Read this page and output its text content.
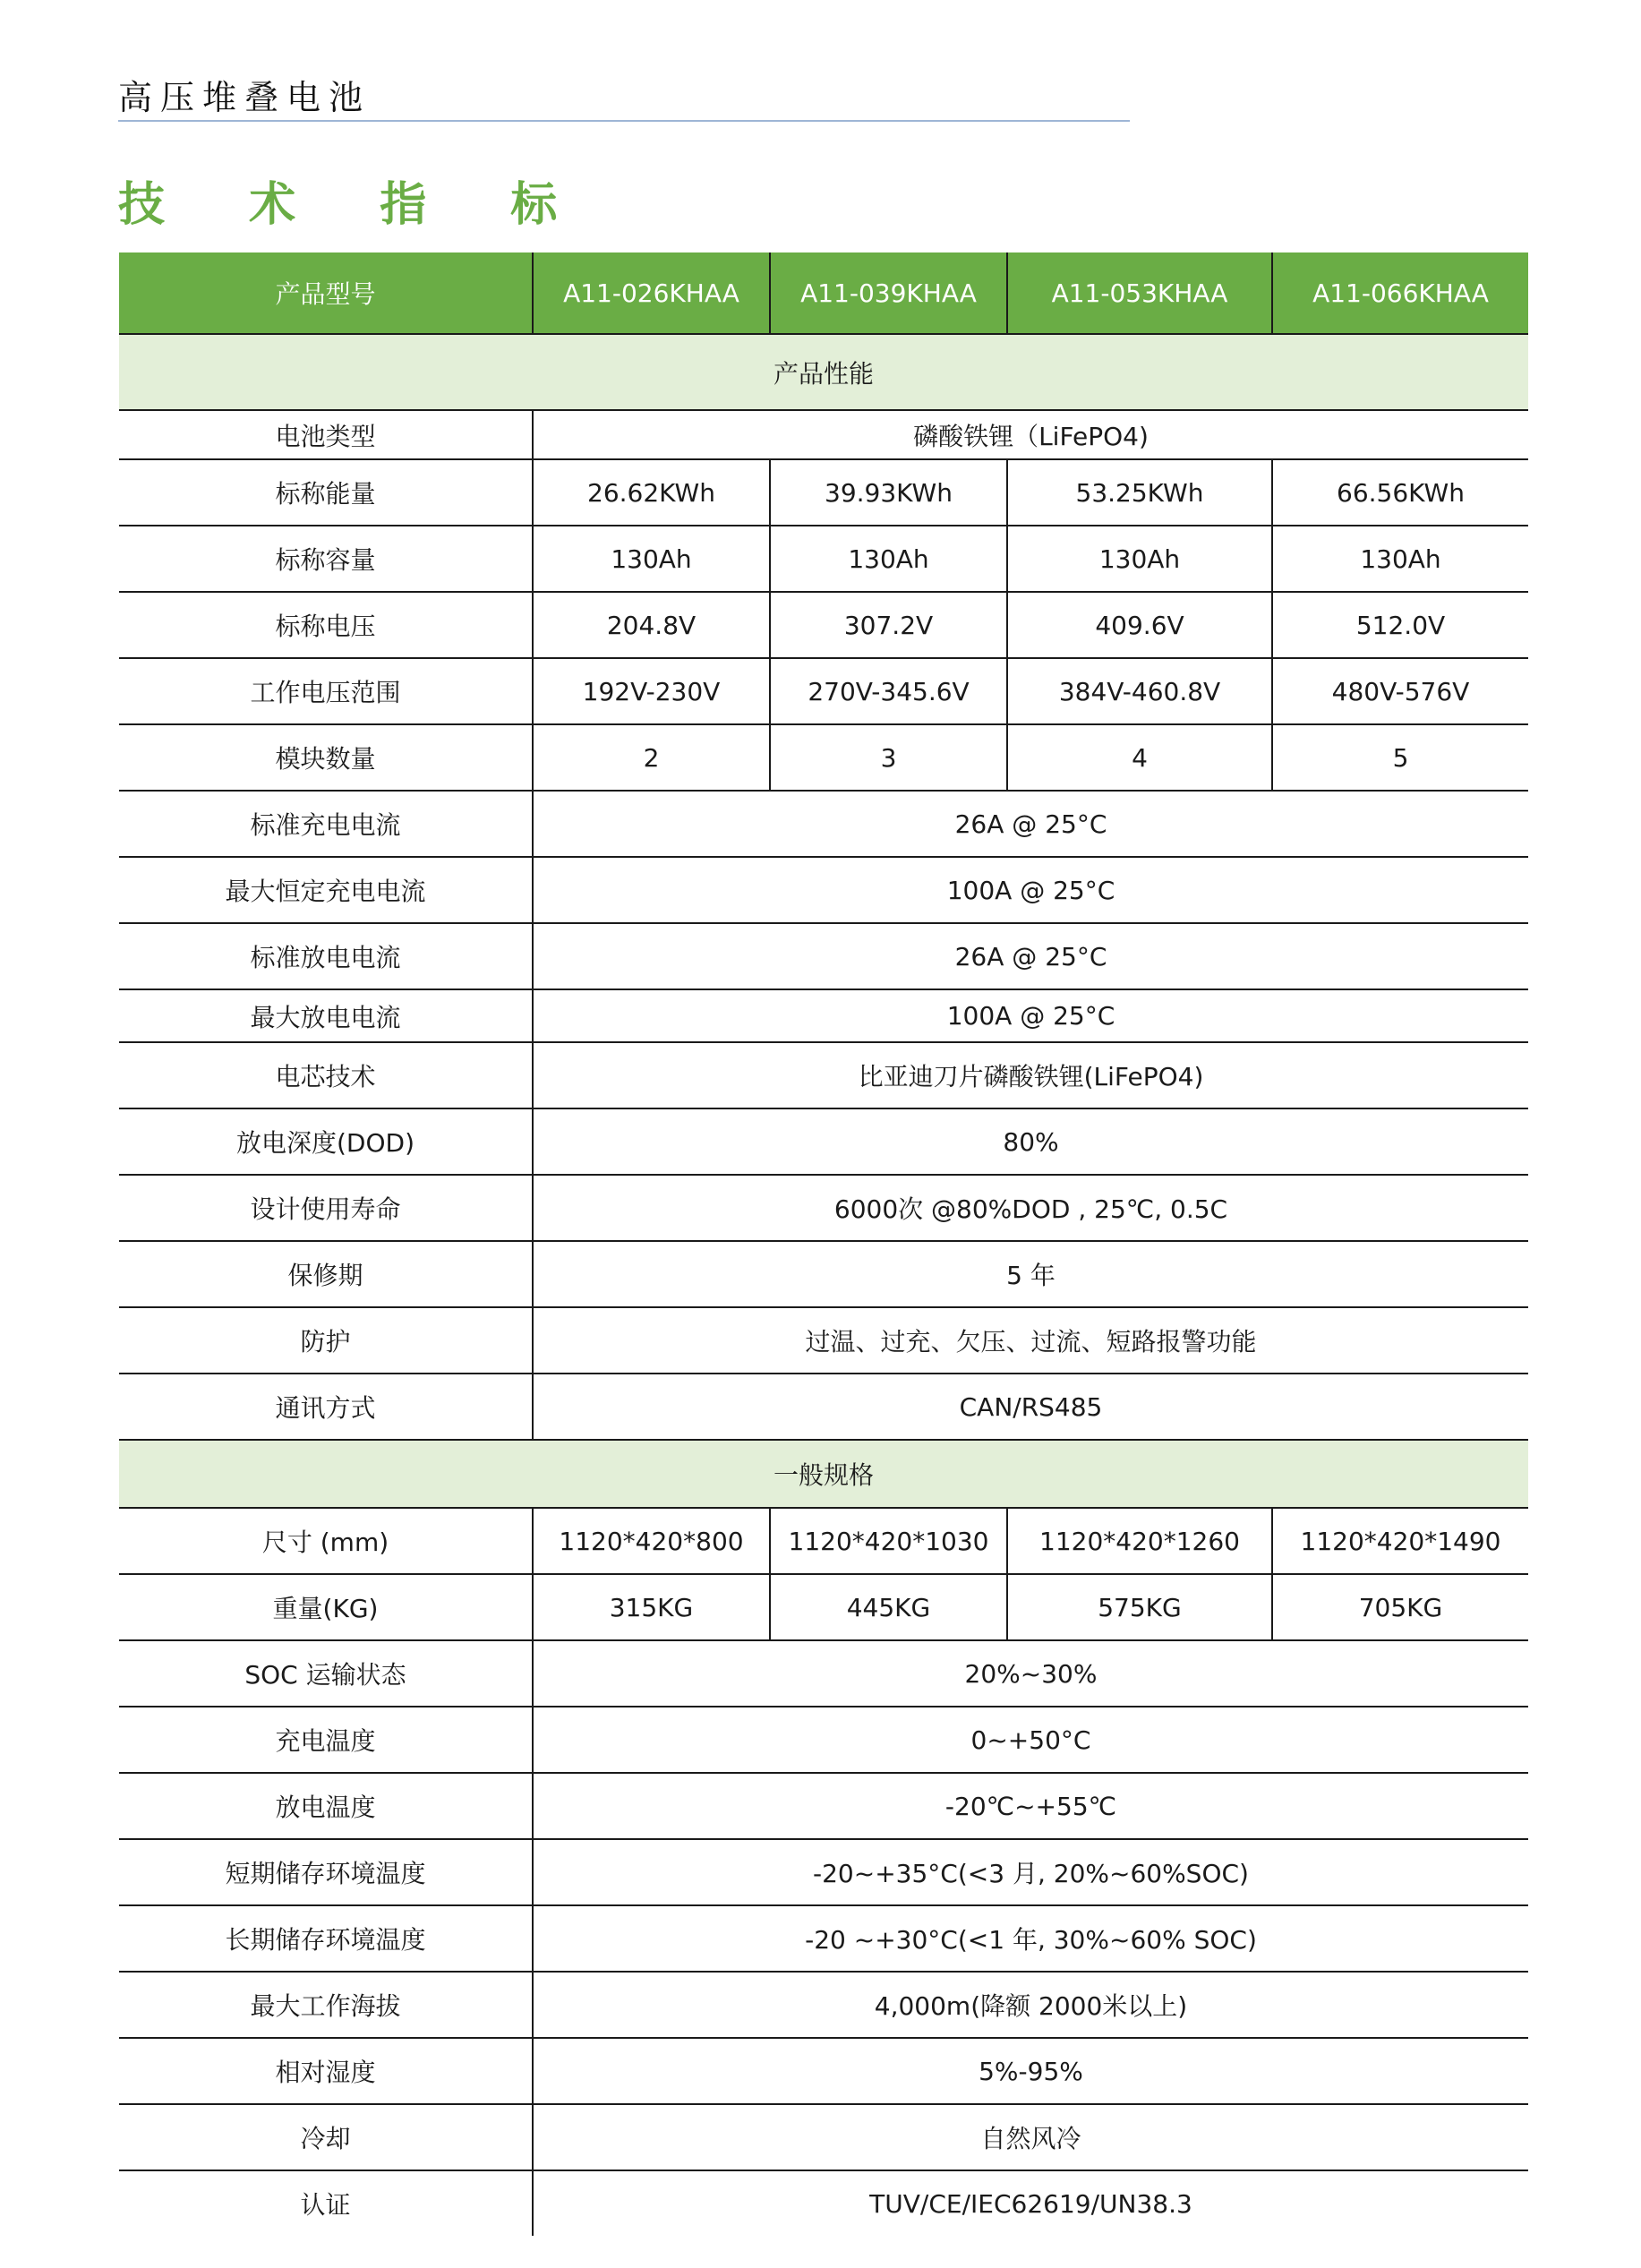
高压堆叠电池
技 术 指 标
产品型号	A11-026KHAA	A11-039KHAA	A11-053KHAA	A11-066KHAA
产品性能				
电池类型	磷酸铁锂（LiFePO4)			
标称能量	26.62KWh	39.93KWh	53.25KWh	66.56KWh
标称容量	130Ah	130Ah	130Ah	130Ah
标称电压	204.8V	307.2V	409.6V	512.0V
工作电压范围	192V-230V	270V-345.6V	384V-460.8V	480V-576V
模块数量	2	3	4	5
标准充电电流	26A @ 25°C			
最大恒定充电电流	100A @ 25°C			
标准放电电流	26A @ 25°C			
最大放电电流	100A @ 25°C			
电芯技术	比亚迪刀片磷酸铁锂(LiFePO4)			
放电深度(DOD)	80%			
设计使用寿命	6000次 @80%DOD , 25℃, 0.5C			
保修期	5 年			
防护	过温、过充、欠压、过流、短路报警功能			
通讯方式	CAN/RS485			
一般规格				
尺寸 (mm)	1120*420*800	1120*420*1030	1120*420*1260	1120*420*1490
重量(KG)	315KG	445KG	575KG	705KG
SOC 运输状态	20%~30%			
充电温度	0~+50°C			
放电温度	-20℃~+55℃			
短期储存环境温度	-20~+35°C(<3 月, 20%~60%SOC)			
长期储存环境温度	-20 ~+30°C(<1 年, 30%~60% SOC)			
最大工作海拔	4,000m(降额 2000米以上)			
相对湿度	5%-95%			
冷却	自然风冷			
认证	TUV/CE/IEC62619/UN38.3			
